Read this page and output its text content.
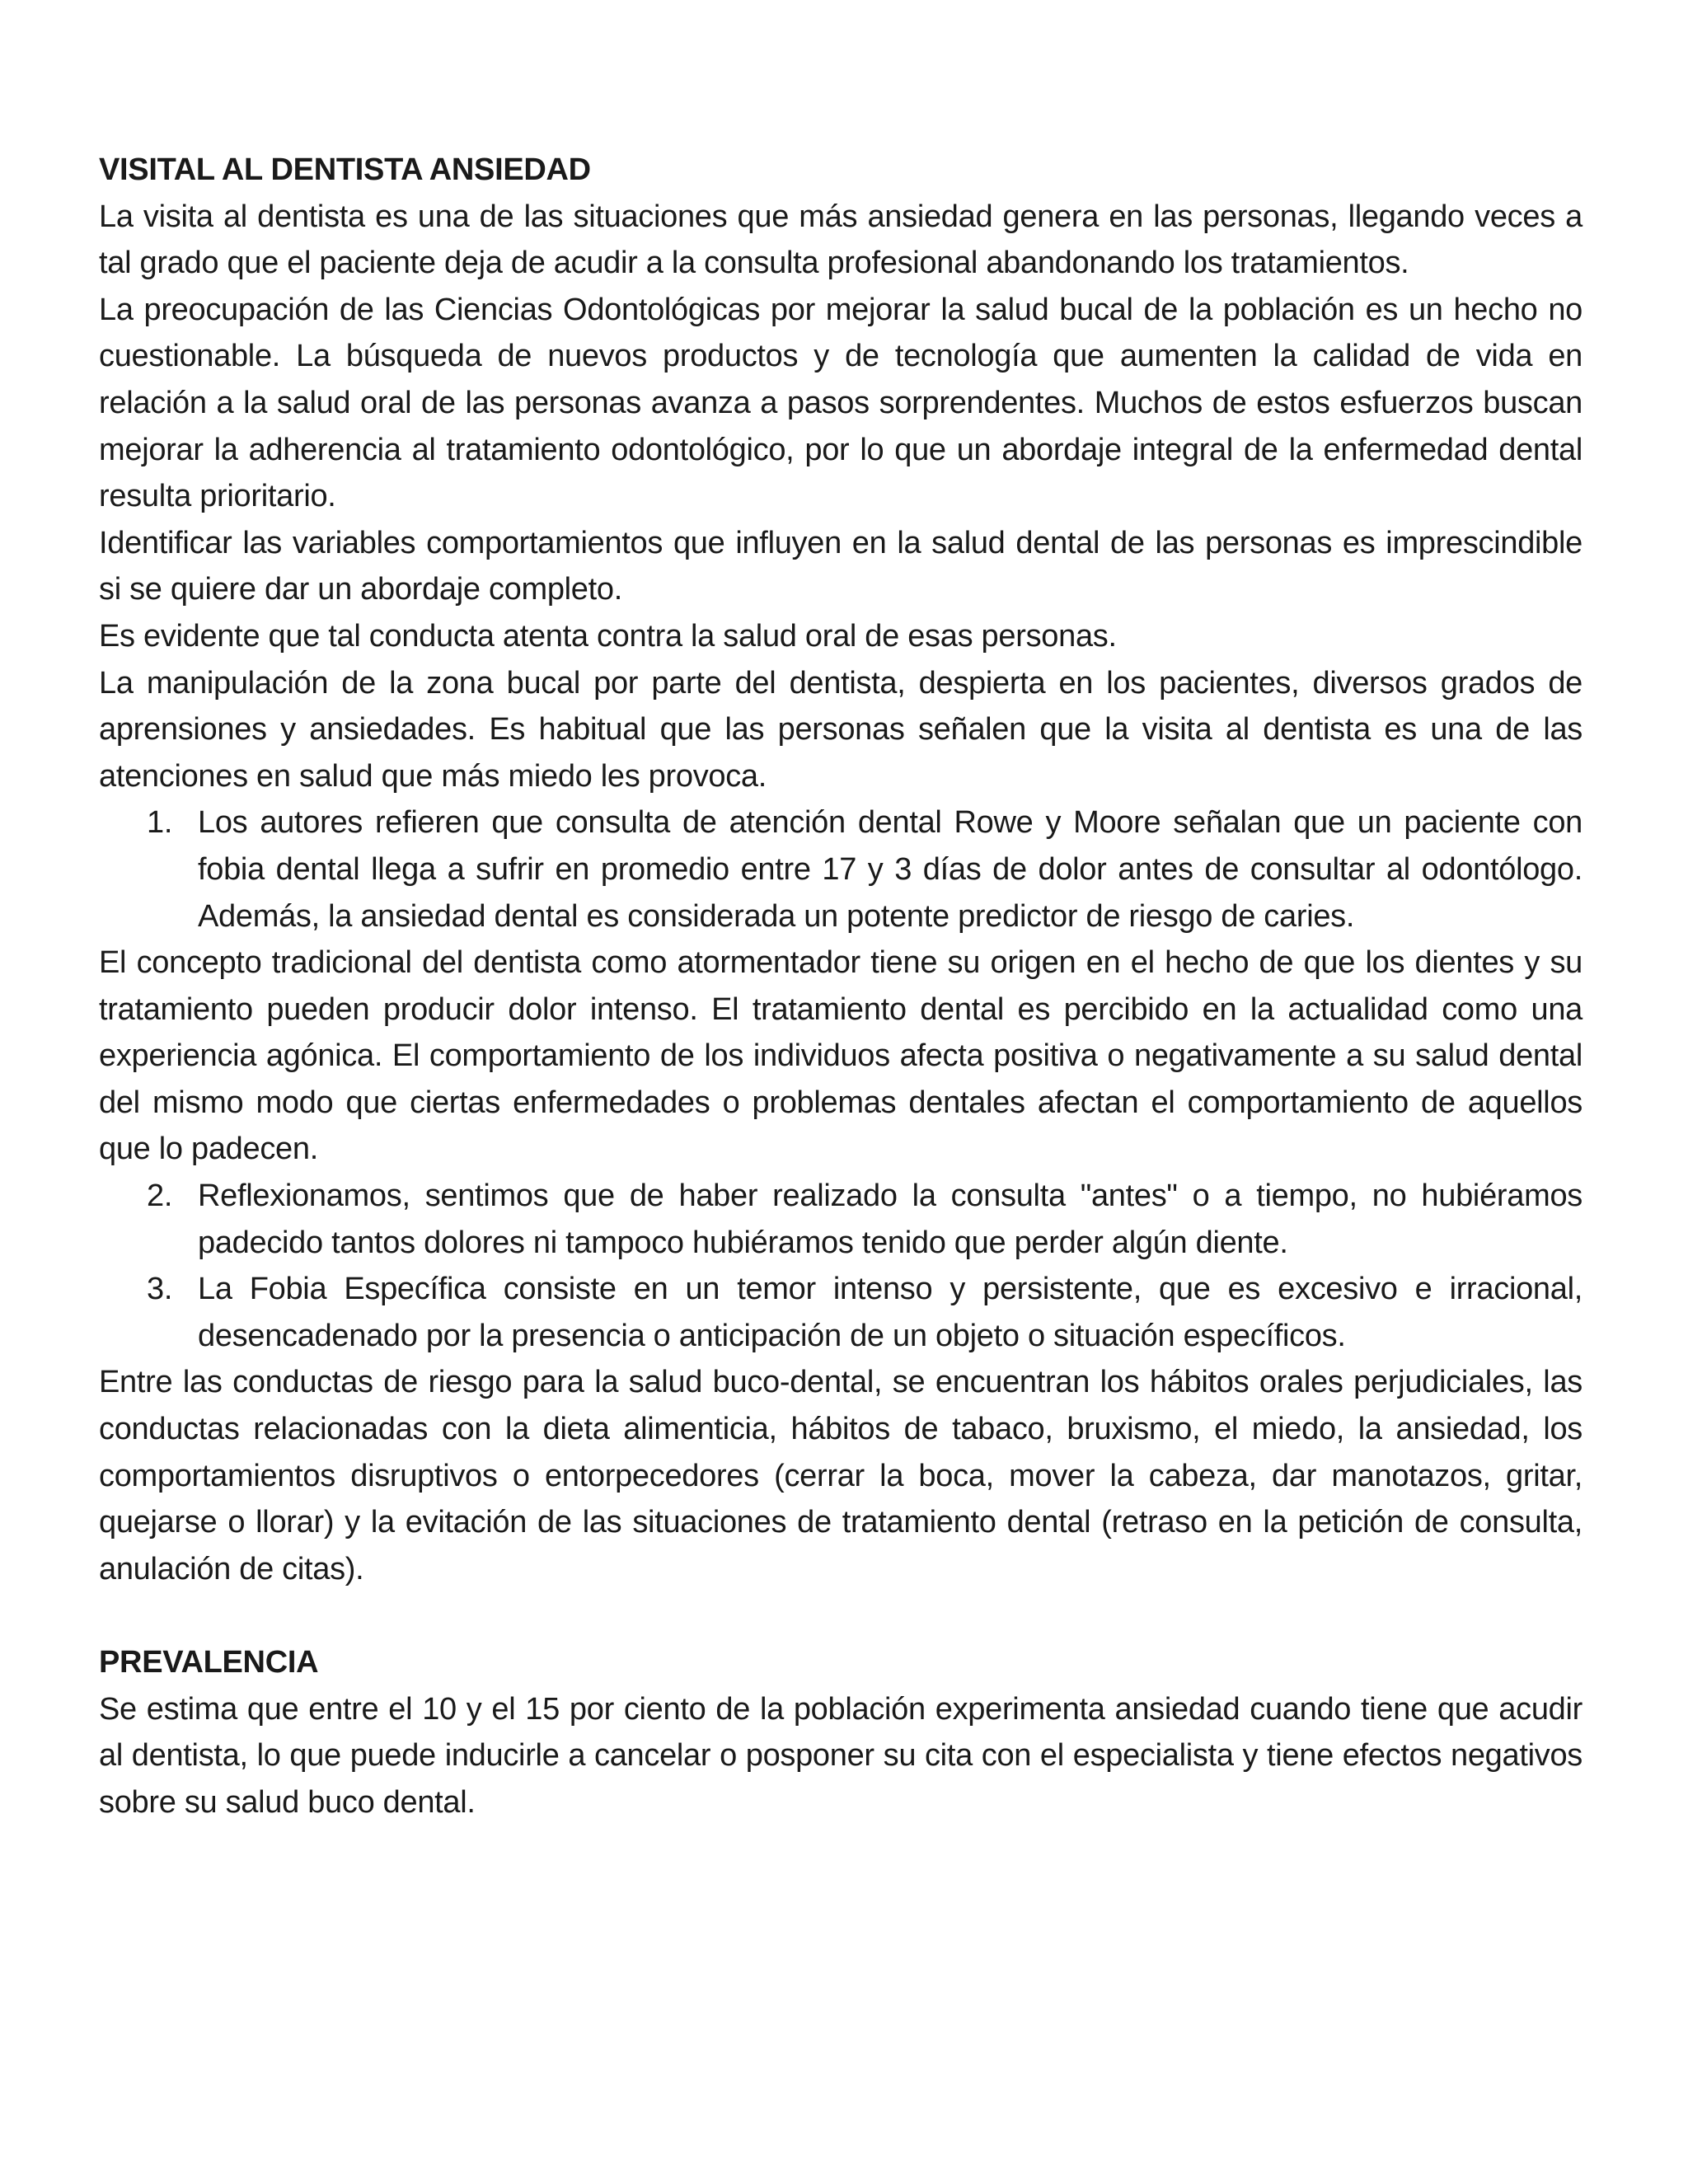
VISITAL AL DENTISTA ANSIEDAD

La visita al dentista es una de las situaciones que más ansiedad genera en las personas, llegando veces a tal grado que el paciente deja de acudir a la consulta profesional abandonando los tratamientos.

La preocupación de las Ciencias Odontológicas por mejorar la salud bucal de la población es un hecho no cuestionable. La búsqueda de nuevos productos y de tecnología que aumenten la calidad de vida en relación a la salud oral de las personas avanza a pasos sorprendentes. Muchos de estos esfuerzos buscan mejorar la adherencia al tratamiento odontológico, por lo que un abordaje integral de la enfermedad dental resulta prioritario.

Identificar las variables comportamientos que influyen en la salud dental de las personas es imprescindible si se quiere dar un abordaje completo.

Es evidente que tal conducta atenta contra la salud oral de esas personas.

La manipulación de la zona bucal por parte del dentista, despierta en los pacientes, diversos grados de aprensiones y ansiedades. Es habitual que las personas señalen que la visita al dentista es una de las atenciones en salud que más miedo les provoca.

1. Los autores refieren que consulta de atención dental Rowe y Moore señalan que un paciente con fobia dental llega a sufrir en promedio entre 17 y 3 días de dolor antes de consultar al odontólogo. Además, la ansiedad dental es considerada un potente predictor de riesgo de caries.

El concepto tradicional del dentista como atormentador tiene su origen en el hecho de que los dientes y su tratamiento pueden producir dolor intenso. El tratamiento dental es percibido en la actualidad como una experiencia agónica. El comportamiento de los individuos afecta positiva o negativamente a su salud dental del mismo modo que ciertas enfermedades o problemas dentales afectan el comportamiento de aquellos que lo padecen.

2. Reflexionamos, sentimos que de haber realizado la consulta "antes" o a tiempo, no hubiéramos padecido tantos dolores ni tampoco hubiéramos tenido que perder algún diente.
3. La Fobia Específica consiste en un temor intenso y persistente, que es excesivo e irracional, desencadenado por la presencia o anticipación de un objeto o situación específicos.

Entre las conductas de riesgo para la salud buco-dental, se encuentran los hábitos orales perjudiciales, las conductas relacionadas con la dieta alimenticia, hábitos de tabaco, bruxismo, el miedo, la ansiedad, los comportamientos disruptivos o entorpecedores (cerrar la boca, mover la cabeza, dar manotazos, gritar, quejarse o llorar) y la evitación de las situaciones de tratamiento dental (retraso en la petición de consulta, anulación de citas).

PREVALENCIA

Se estima que entre el 10 y el 15 por ciento de la población experimenta ansiedad cuando tiene que acudir al dentista, lo que puede inducirle a cancelar o posponer su cita con el especialista y tiene efectos negativos sobre su salud buco dental.
